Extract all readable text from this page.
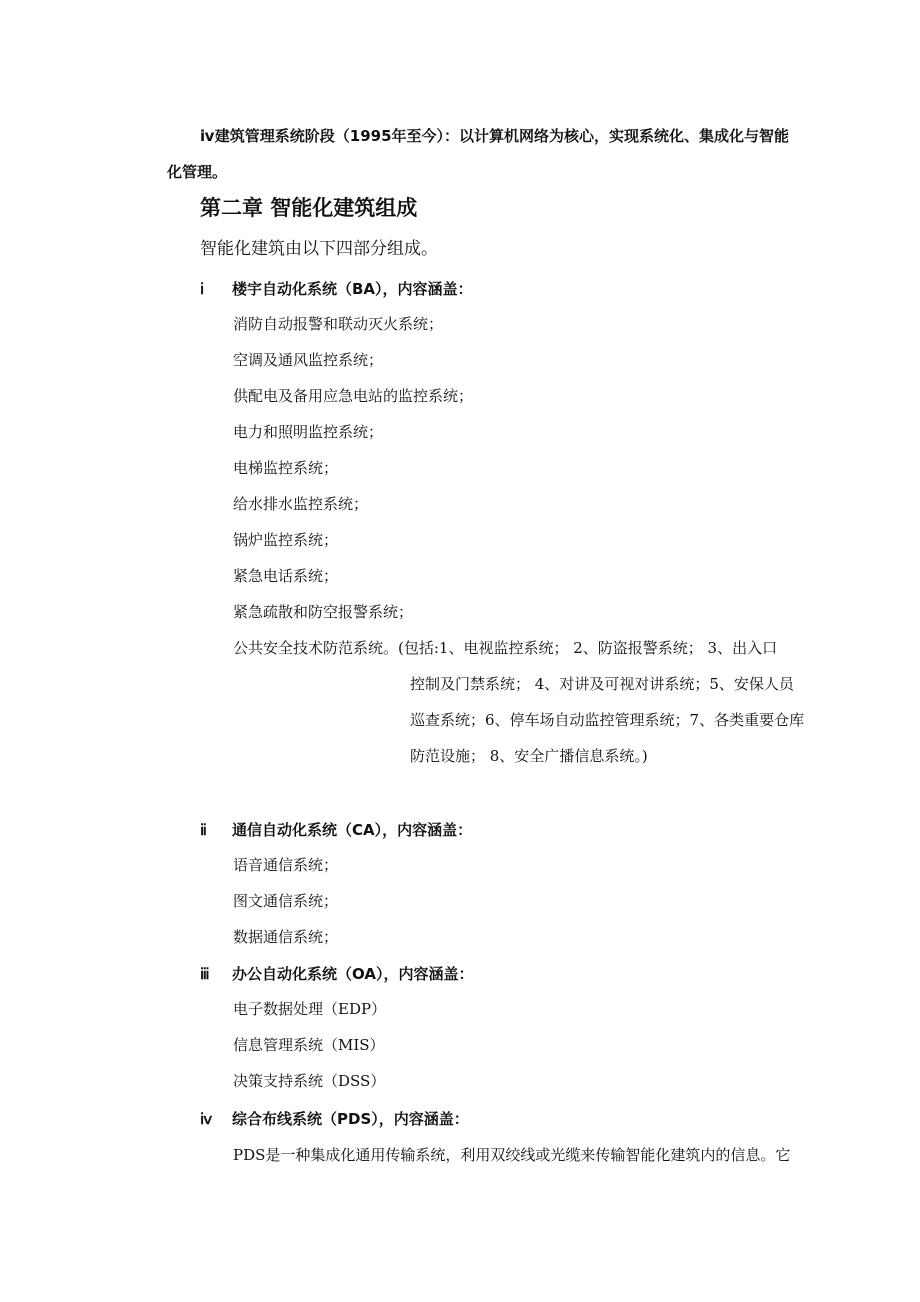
ⅳ建筑管理系统阶段（1995年至今）：以计算机网络为核心，实现系统化、集成化与智能
化管理。
第二章 智能化建筑组成
智能化建筑由以下四部分组成。
ⅰ 楼宇自动化系统（BA），内容涵盖：
消防自动报警和联动灭火系统；
空调及通风监控系统；
供配电及备用应急电站的监控系统；
电力和照明监控系统；
电梯监控系统；
给水排水监控系统；
锅炉监控系统；
紧急电话系统；
紧急疏散和防空报警系统；
公共安全技术防范系统。(包括:1、电视监控系统； 2、防盗报警系统； 3、出入口
控制及门禁系统； 4、对讲及可视对讲系统；5、安保人员
巡查系统；6、停车场自动监控管理系统；7、各类重要仓库
防范设施； 8、安全广播信息系统。)
ⅱ 通信自动化系统（CA），内容涵盖：
语音通信系统；
图文通信系统；
数据通信系统；
ⅲ 办公自动化系统（OA），内容涵盖：
电子数据处理（EDP）
信息管理系统（MIS）
决策支持系统（DSS）
ⅳ 综合布线系统（PDS），内容涵盖：
PDS是一种集成化通用传输系统，利用双绞线或光缆来传输智能化建筑内的信息。它
